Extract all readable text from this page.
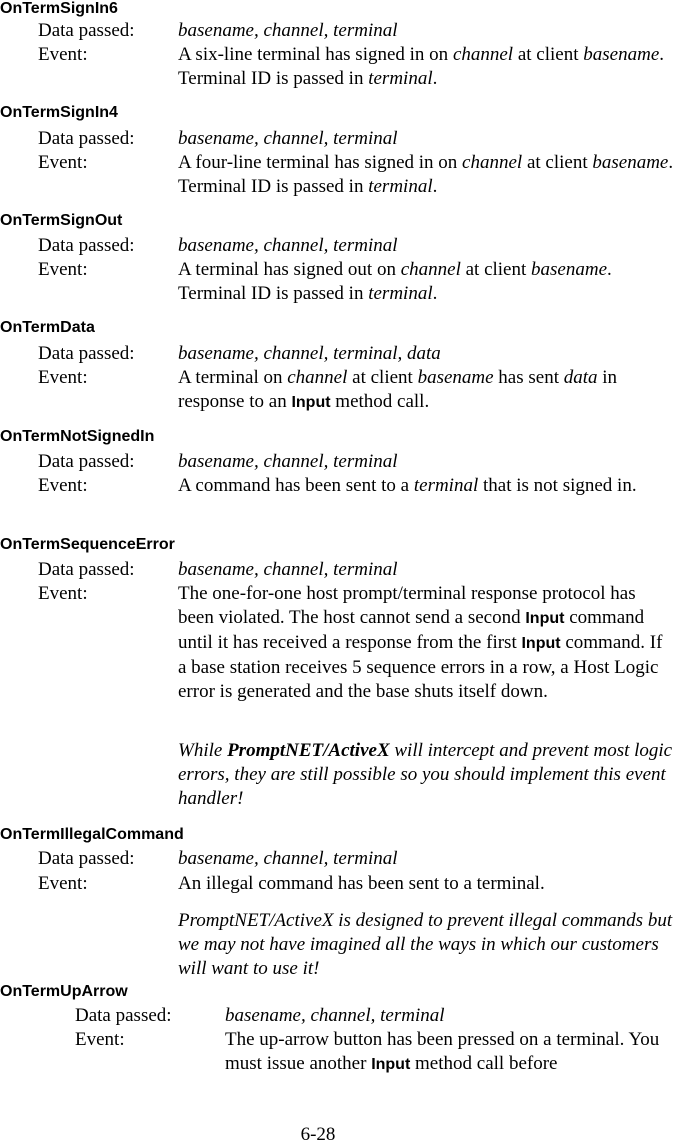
OnTermSignIn6
Data passed: basename, channel, terminal
Event:	A six-line terminal has signed in on channel at client basename. Terminal ID is passed in terminal.
OnTermSignIn4
Data passed: basename, channel, terminal
Event:	A four-line terminal has signed in on channel at client basename. Terminal ID is passed in terminal.
OnTermSignOut
Data passed: basename, channel, terminal
Event:	A terminal has signed out on channel at client basename. Terminal ID is passed in terminal.
OnTermData
Data passed: basename, channel, terminal, data
Event:	A terminal on channel at client basename has sent data in response to an Input method call.
OnTermNotSignedIn
Data passed: basename, channel, terminal
Event:	A command has been sent to a terminal that is not signed in.
OnTermSequenceError
Data passed: basename, channel, terminal
Event:	The one-for-one host prompt/terminal response protocol has been violated. The host cannot send a second Input command until it has received a response from the first Input command. If a base station receives 5 sequence errors in a row, a Host Logic error is generated and the base shuts itself down.
While PromptNET/ActiveX will intercept and prevent most logic errors, they are still possible so you should implement this event handler!
OnTermIllegalCommand
Data passed: basename, channel, terminal
Event:	An illegal command has been sent to a terminal.
PromptNET/ActiveX is designed to prevent illegal commands but we may not have imagined all the ways in which our customers will want to use it!
OnTermUpArrow
Data passed:	basename, channel, terminal
Event:	The up-arrow button has been pressed on a terminal. You must issue another Input method call before
6-28
